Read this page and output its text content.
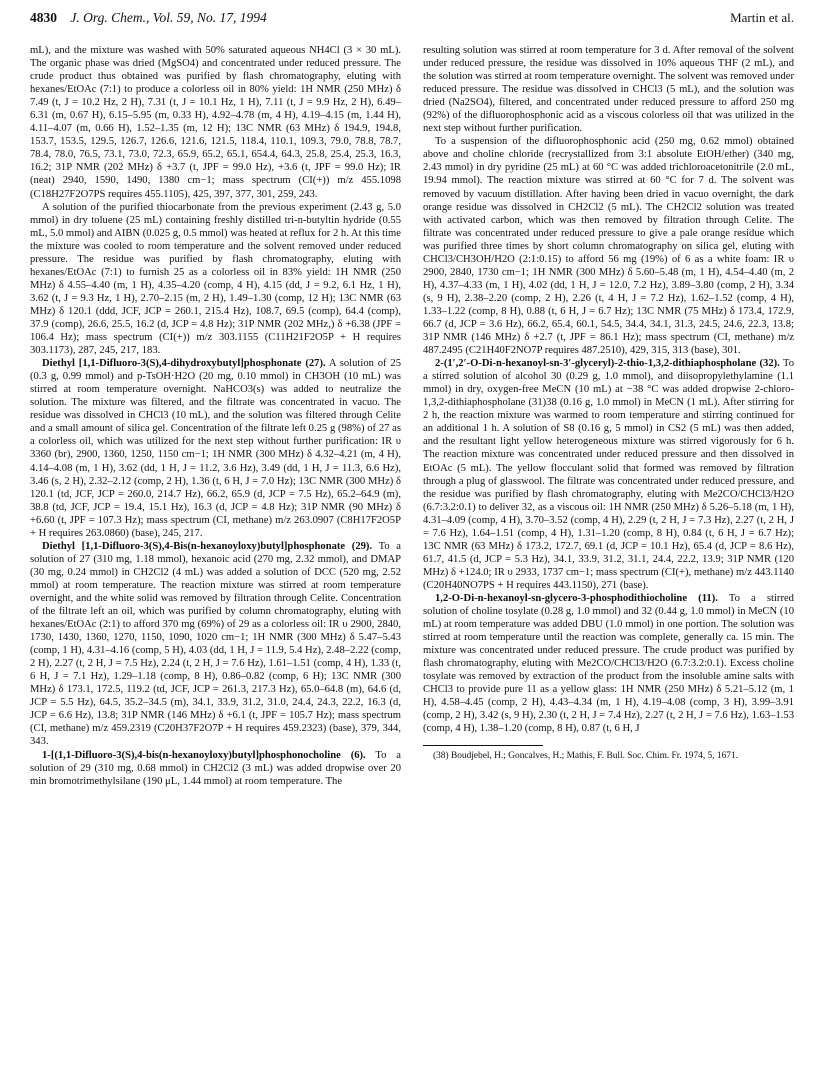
4830 J. Org. Chem., Vol. 59, No. 17, 1994	Martin et al.

mL), and the mixture was washed with 50% saturated aqueous NH4Cl (3 × 30 mL). The organic phase was dried (MgSO4) and concentrated under reduced pressure. The crude product thus obtained was purified by flash chromatography, eluting with hexanes/EtOAc (7:1) to produce a colorless oil in 80% yield: 1H NMR (250 MHz) δ 7.49 (t, J = 10.2 Hz, 2 H), 7.31 (t, J = 10.1 Hz, 1 H), 7.11 (t, J = 9.9 Hz, 2 H), 6.49–6.31 (m, 0.67 H), 6.15–5.95 (m, 0.33 H), 4.92–4.78 (m, 4 H), 4.19–4.15 (m, 1.44 H), 4.11–4.07 (m, 0.66 H), 1.52–1.35 (m, 12 H); 13C NMR (63 MHz) δ 194.9, 194.8, 153.7, 153.5, 129.5, 126.7, 126.6, 121.6, 121.5, 118.4, 110.1, 109.3, 79.0, 78.8, 78.7, 78.4, 78.0, 76.5, 73.1, 73.0, 72.3, 65.9, 65.2, 65.1, 654.4, 64.3, 25.8, 25.4, 25.3, 16.3, 16.2; 31P NMR (202 MHz) δ +3.7 (t, JPF = 99.0 Hz), +3.6 (t, JPF = 99.0 Hz); IR (neat) 2940, 1590, 1490, 1380 cm−1; mass spectrum (CI(+)) m/z 455.1098 (C18H27F2O7PS requires 455.1105), 425, 397, 377, 301, 259, 243.

A solution of the purified thiocarbonate from the previous experiment (2.43 g, 5.0 mmol) in dry toluene (25 mL) containing freshly distilled tri-n-butyltin hydride (0.55 mL, 5.0 mmol) and AIBN (0.025 g, 0.5 mmol) was heated at reflux for 2 h. At this time the mixture was cooled to room temperature and the solvent removed under reduced pressure. The residue was purified by flash chromatography, eluting with hexanes/EtOAc (7:1) to furnish 25 as a colorless oil in 83% yield: 1H NMR (250 MHz) δ 4.55–4.40 (m, 1 H), 4.35–4.20 (comp, 4 H), 4.15 (dd, J = 9.2, 6.1 Hz, 1 H), 3.62 (t, J = 9.3 Hz, 1 H), 2.70–2.15 (m, 2 H), 1.49–1.30 (comp, 12 H); 13C NMR (63 MHz) δ 120.1 (ddd, JCF, JCP = 260.1, 215.4 Hz), 108.7, 69.5 (comp), 64.4 (comp), 37.9 (comp), 26.6, 25.5, 16.2 (d, JCP = 4.8 Hz); 31P NMR (202 MHz,) δ +6.38 (JPF = 106.4 Hz); mass spectrum (CI(+)) m/z 303.1155 (C11H21F2O5P + H requires 303.1173), 287, 245, 217, 183.

Diethyl [1,1-Difluoro-3(S),4-dihydroxybutyl]phosphonate (27). A solution of 25 (0.3 g, 0.99 mmol) and p-TsOH·H2O (20 mg, 0.10 mmol) in CH3OH (10 mL) was stirred at room temperature overnight. NaHCO3(s) was added to neutralize the solution. The mixture was filtered, and the filtrate was concentrated in vacuo. The residue was dissolved in CHCl3 (10 mL), and the solution was filtered through Celite and a small amount of silica gel. Concentration of the filtrate left 0.25 g (98%) of 27 as a colorless oil, which was utilized for the next step without further purification: IR υ 3360 (br), 2900, 1360, 1250, 1150 cm−1; 1H NMR (300 MHz) δ 4.32–4.21 (m, 4 H), 4.14–4.08 (m, 1 H), 3.62 (dd, 1 H, J = 11.2, 3.6 Hz), 3.49 (dd, 1 H, J = 11.3, 6.6 Hz), 3.46 (s, 2 H), 2.32–2.12 (comp, 2 H), 1.36 (t, 6 H, J = 7.0 Hz); 13C NMR (300 MHz) δ 120.1 (td, JCF, JCP = 260.0, 214.7 Hz), 66.2, 65.9 (d, JCP = 7.5 Hz), 65.2–64.9 (m), 38.8 (td, JCF, JCP = 19.4, 15.1 Hz), 16.3 (d, JCP = 4.8 Hz); 31P NMR (90 MHz) δ +6.60 (t, JPF = 107.3 Hz); mass spectrum (CI, methane) m/z 263.0907 (C8H17F2O5P + H requires 263.0860) (base), 245, 217.

Diethyl [1,1-Difluoro-3(S),4-Bis(n-hexanoyloxy)butyl]phosphonate (29). To a solution of 27 (310 mg, 1.18 mmol), hexanoic acid (270 mg, 2.32 mmol), and DMAP (30 mg, 0.24 mmol) in CH2Cl2 (4 mL) was added a solution of DCC (520 mg, 2.52 mmol) at room temperature. The reaction mixture was stirred at room temperature overnight, and the white solid was removed by filtration through Celite. Concentration of the filtrate left an oil, which was purified by column chromatography, eluting with hexanes/EtOAc (2:1) to afford 370 mg (69%) of 29 as a colorless oil: IR υ 2900, 2840, 1730, 1430, 1360, 1270, 1150, 1090, 1020 cm−1; 1H NMR (300 MHz) δ 5.47–5.43 (comp, 1 H), 4.31–4.16 (comp, 5 H), 4.03 (dd, 1 H, J = 11.9, 5.4 Hz), 2.48–2.22 (comp, 2 H), 2.27 (t, 2 H, J = 7.5 Hz), 2.24 (t, 2 H, J = 7.6 Hz), 1.61–1.51 (comp, 4 H), 1.33 (t, 6 H, J = 7.1 Hz), 1.29–1.18 (comp, 8 H), 0.86–0.82 (comp, 6 H); 13C NMR (300 MHz) δ 173.1, 172.5, 119.2 (td, JCF, JCP = 261.3, 217.3 Hz), 65.0–64.8 (m), 64.6 (d, JCP = 5.5 Hz), 64.5, 35.2–34.5 (m), 34.1, 33.9, 31.2, 31.0, 24.4, 24.3, 22.2, 16.3 (d, JCP = 6.6 Hz), 13.8; 31P NMR (146 MHz) δ +6.1 (t, JPF = 105.7 Hz); mass spectrum (CI, methane) m/z 459.2319 (C20H37F2O7P + H requires 459.2323) (base), 379, 344, 343.

1-[(1,1-Difluoro-3(S),4-bis(n-hexanoyloxy)butyl]phosphonocholine (6). To a solution of 29 (310 mg, 0.68 mmol) in CH2Cl2 (3 mL) was added dropwise over 20 min bromotrimethylsilane (190 μL, 1.44 mmol) at room temperature. The

resulting solution was stirred at room temperature for 3 d. After removal of the solvent under reduced pressure, the residue was dissolved in 10% aqueous THF (2 mL), and the solution was stirred at room temperature overnight. The solvent was removed under reduced pressure. The residue was dissolved in CHCl3 (5 mL), and the solution was dried (Na2SO4), filtered, and concentrated under reduced pressure to afford 250 mg (92%) of the difluorophosphonic acid as a viscous colorless oil that was utilized in the next step without further purification.

To a suspension of the difluorophosphonic acid (250 mg, 0.62 mmol) obtained above and choline chloride (recrystallized from 3:1 absolute EtOH/ether) (340 mg, 2.43 mmol) in dry pyridine (25 mL) at 60 °C was added trichloroacetonitrile (2.0 mL, 19.94 mmol). The reaction mixture was stirred at 60 °C for 7 d. The solvent was removed by vacuum distillation. After having been dried in vacuo overnight, the dark orange residue was dissolved in CH2Cl2 (5 mL). The CH2Cl2 solution was treated with activated carbon, which was then removed by filtration through Celite. The filtrate was concentrated under reduced pressure to give a pale orange residue which was purified three times by short column chromatography on silica gel, eluting with CHCl3/CH3OH/H2O (2:1:0.15) to afford 56 mg (19%) of 6 as a white foam: IR υ 2900, 2840, 1730 cm−1; 1H NMR (300 MHz) δ 5.60–5.48 (m, 1 H), 4.54–4.40 (m, 2 H), 4.37–4.33 (m, 1 H), 4.02 (dd, 1 H, J = 12.0, 7.2 Hz), 3.89–3.80 (comp, 2 H), 3.34 (s, 9 H), 2.38–2.20 (comp, 2 H), 2.26 (t, 4 H, J = 7.2 Hz), 1.62–1.52 (comp, 4 H), 1.33–1.22 (comp, 8 H), 0.88 (t, 6 H, J = 6.7 Hz); 13C NMR (75 MHz) δ 173.4, 172.9, 66.7 (d, JCP = 3.6 Hz), 66.2, 65.4, 60.1, 54.5, 34.4, 34.1, 31.3, 24.5, 24.6, 22.3, 13.8; 31P NMR (146 MHz) δ +2.7 (t, JPF = 86.1 Hz); mass spectrum (CI, methane) m/z 487.2495 (C21H40F2NO7P requires 487.2510), 429, 315, 313 (base), 301.

2-(1′,2′-O-Di-n-hexanoyl-sn-3′-glyceryl)-2-thio-1,3,2-dithiaphospholane (32). To a stirred solution of alcohol 30 (0.29 g, 1.0 mmol), and diisopropylethylamine (1.1 mmol) in dry, oxygen-free MeCN (10 mL) at −38 °C was added dropwise 2-chloro-1,3,2-dithiaphospholane (31)38 (0.16 g, 1.0 mmol) in MeCN (1 mL). After stirring for 2 h, the reaction mixture was warmed to room temperature and stirring continued for an additional 1 h. A solution of S8 (0.16 g, 5 mmol) in CS2 (5 mL) was then added, and the resultant light yellow heterogeneous mixture was stirred vigorously for 6 h. The reaction mixture was concentrated under reduced pressure and then dissolved in EtOAc (5 mL). The yellow flocculant solid that formed was removed by filtration through a plug of glasswool. The filtrate was concentrated under reduced pressure, and the residue was purified by flash chromatography, eluting with Me2CO/CHCl3/H2O (6.7:3.2:0.1) to deliver 32, as a viscous oil: 1H NMR (250 MHz) δ 5.26–5.18 (m, 1 H), 4.31–4.09 (comp, 4 H), 3.70–3.52 (comp, 4 H), 2.29 (t, 2 H, J = 7.3 Hz), 2.27 (t, 2 H, J = 7.6 Hz), 1.64–1.51 (comp, 4 H), 1.31–1.20 (comp, 8 H), 0.84 (t, 6 H, J = 6.7 Hz); 13C NMR (63 MHz) δ 173.2, 172.7, 69.1 (d, JCP = 10.1 Hz), 65.4 (d, JCP = 8.6 Hz), 61.7, 41.5 (d, JCP = 5.3 Hz), 34.1, 33.9, 31.2, 31.1, 24.4, 22.2, 13.9; 31P NMR (120 MHz) δ +124.0; IR υ 2933, 1737 cm−1; mass spectrum (CI(+), methane) m/z 443.1140 (C20H40NO7PS + H requires 443.1150), 271 (base).

1,2-O-Di-n-hexanoyl-sn-glycero-3-phosphodithiocholine (11). To a stirred solution of choline tosylate (0.28 g, 1.0 mmol) and 32 (0.44 g, 1.0 mmol) in MeCN (10 mL) at room temperature was added DBU (1.0 mmol) in one portion. The solution was stirred at room temperature until the reaction was complete, generally ca. 15 min. The mixture was concentrated under reduced pressure. The crude product was purified by flash chromatography, eluting with Me2CO/CHCl3/H2O (6.7:3.2:0.1). Excess choline tosylate was removed by extraction of the product from the insoluble amine salts with CHCl3 to provide pure 11 as a yellow glass: 1H NMR (250 MHz) δ 5.21–5.12 (m, 1 H), 4.58–4.45 (comp, 2 H), 4.43–4.34 (m, 1 H), 4.19–4.08 (comp, 3 H), 3.99–3.91 (comp, 2 H), 3.42 (s, 9 H), 2.30 (t, 2 H, J = 7.4 Hz), 2.27 (t, 2 H, J = 7.6 Hz), 1.63–1.53 (comp, 4 H), 1.38–1.20 (comp, 8 H), 0.87 (t, 6 H, J

(38) Boudjebel, H.; Goncalves, H.; Mathis, F. Bull. Soc. Chim. Fr. 1974, 5, 1671.
